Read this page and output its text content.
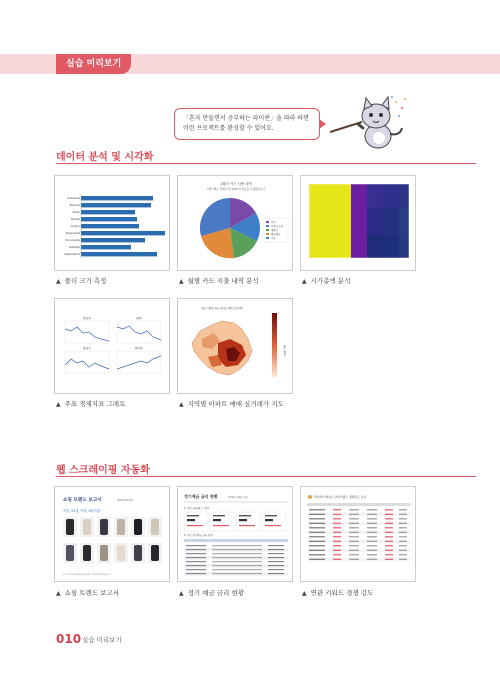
실습 미리보기
「혼자 만들면서 공부하는 파이썬」을 따라 하면
이런 프로젝트를 완성할 수 있어요.
데이터 분석 및 시각화
Archiques
Pictures
Music
Movies
Library
Downloads
Documents
Desktop
Applications
▲ 폴더 크기 측정
1월가 카드 사용 내역
1월가계는 카테고리 (15%)의 비율을 사용했습니다
식비
온라인 쇼핑
생활비
패션잡화
기타
▲ 월별 카드 지출 내역 분석	▲ 시가총액 분석
원/달러	원/엔
원/유로	원/위안
▲ 주요 경제지표 그래프
서울 지역별 평균 아파트 매매 실거래가
평균 매매가
▲ 지역별 아파트 매매 실거래가 지도
웹 스크레이핑 자동화
쇼핑 트렌드 보고서	(2024-10-13)
서울, 20대, 여성, 패션의류
※ 위 이미지는 2024년 10월 13일 기준으로 작성되었습니다
▲ 쇼핑 트렌드 보고서
정기예금 금리 현황	(2024년 10월 기준)
1. 주요 금리(최고 기준)
2. 주요 정기예금 금리 상세
▲ 정기 예금 금리 현황
만들면서 배우는 연관키워드 경쟁강도 분석
▲ 연관 키워드 경쟁 강도
010 실습 미리보기
